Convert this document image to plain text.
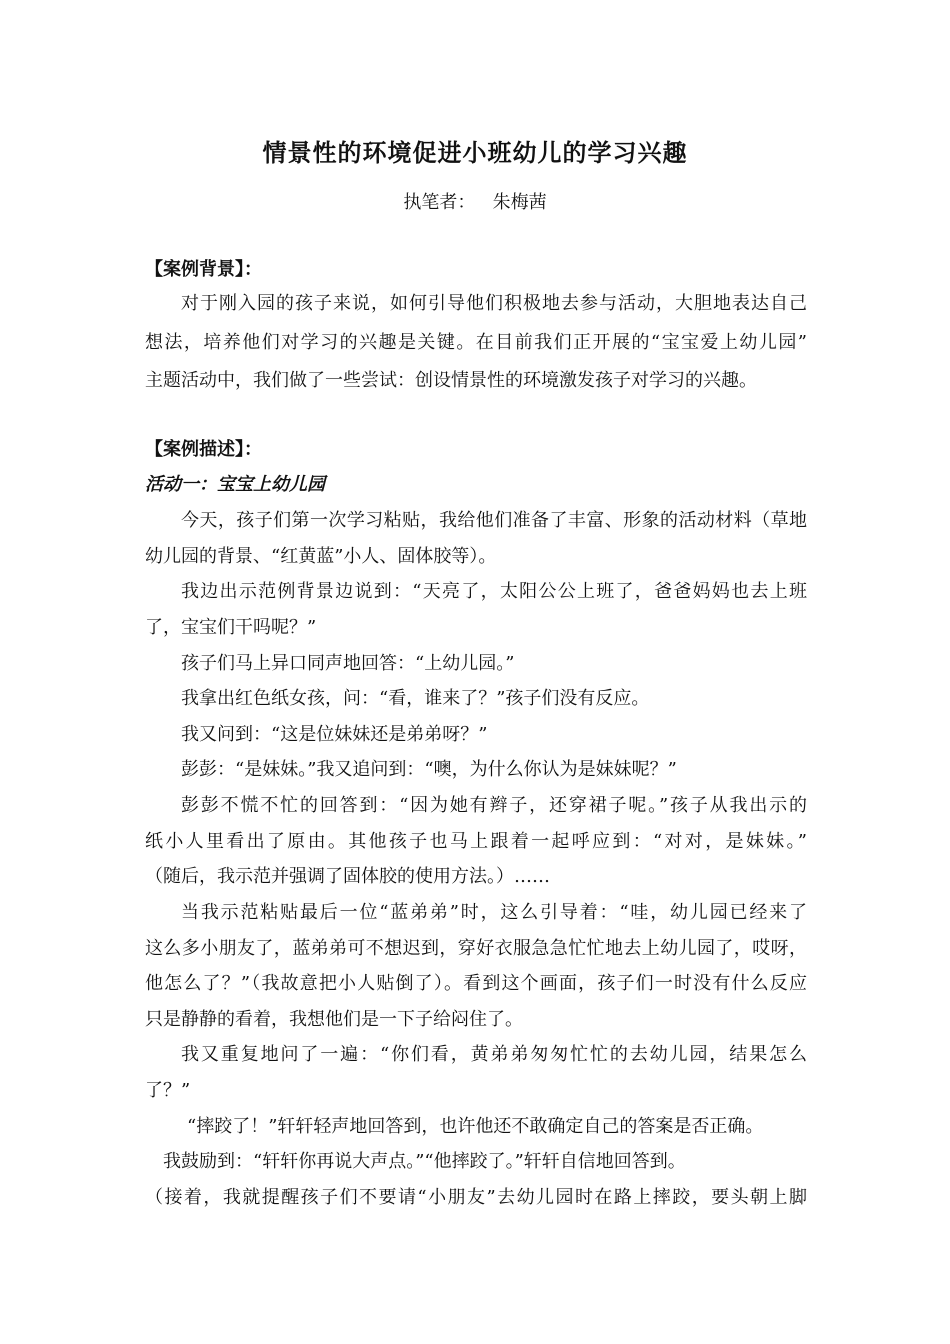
情景性的环境促进小班幼儿的学习兴趣
执笔者：   朱梅茜
【案例背景】：
对于刚入园的孩子来说，如何引导他们积极地去参与活动，大胆地表达自己
想法，培养他们对学习的兴趣是关键。在目前我们正开展的“宝宝爱上幼儿园”
主题活动中，我们做了一些尝试：创设情景性的环境激发孩子对学习的兴趣。
【案例描述】：
活动一：宝宝上幼儿园
今天，孩子们第一次学习粘贴，我给他们准备了丰富、形象的活动材料（草地
幼儿园的背景、“红黄蓝”小人、固体胶等）。
我边出示范例背景边说到：“天亮了，太阳公公上班了，爸爸妈妈也去上班
了，宝宝们干吗呢？”
孩子们马上异口同声地回答：“上幼儿园。”
我拿出红色纸女孩，问：“看，谁来了？”孩子们没有反应。
我又问到：“这是位妹妹还是弟弟呀？”
彭彭：“是妹妹。”我又追问到：“噢，为什么你认为是妹妹呢？”
彭彭不慌不忙的回答到：“因为她有辫子，还穿裙子呢。”孩子从我出示的
纸小人里看出了原由。其他孩子也马上跟着一起呼应到：“对对，是妹妹。”
（随后，我示范并强调了固体胶的使用方法。）……
当我示范粘贴最后一位“蓝弟弟”时，这么引导着：“哇，幼儿园已经来了
这么多小朋友了，蓝弟弟可不想迟到，穿好衣服急急忙忙地去上幼儿园了，哎呀，
他怎么了？”（我故意把小人贴倒了）。看到这个画面，孩子们一时没有什么反应
只是静静的看着，我想他们是一下子给闷住了。
我又重复地问了一遍：“你们看，黄弟弟匆匆忙忙的去幼儿园，结果怎么
了？”
“摔跤了！”轩轩轻声地回答到，也许他还不敢确定自己的答案是否正确。
我鼓励到：“轩轩你再说大声点。”“他摔跤了。”轩轩自信地回答到。
（接着，我就提醒孩子们不要请“小朋友”去幼儿园时在路上摔跤，要头朝上脚
